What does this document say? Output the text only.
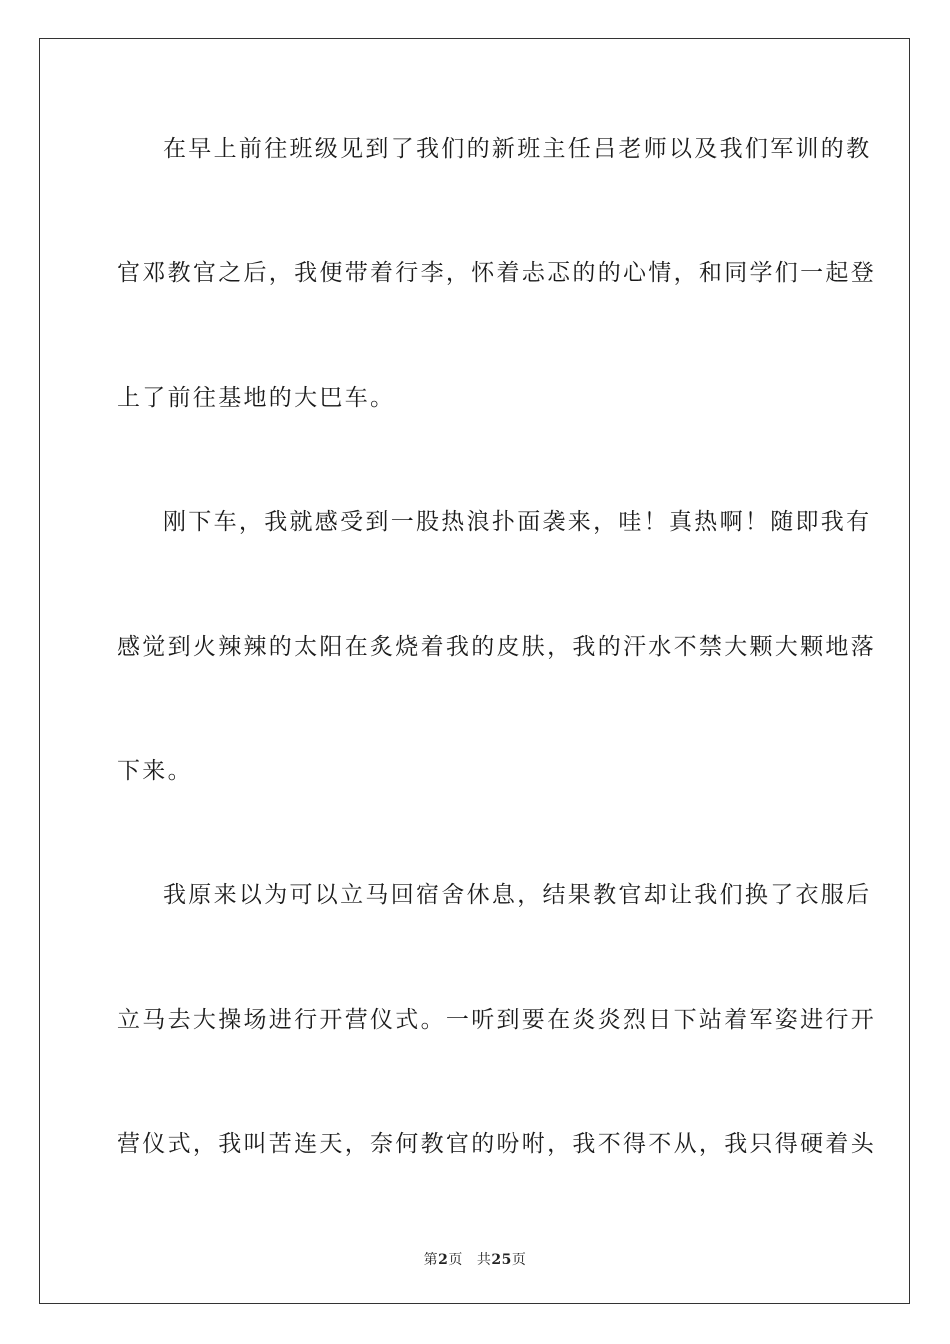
在早上前往班级见到了我们的新班主任吕老师以及我们军训的教
官邓教官之后，我便带着行李，怀着忐忑的的心情，和同学们一起登
上了前往基地的大巴车。
刚下车，我就感受到一股热浪扑面袭来，哇！真热啊！随即我有
感觉到火辣辣的太阳在炙烧着我的皮肤，我的汗水不禁大颗大颗地落
下来。
我原来以为可以立马回宿舍休息，结果教官却让我们换了衣服后
立马去大操场进行开营仪式。一听到要在炎炎烈日下站着军姿进行开
营仪式，我叫苦连天，奈何教官的吩咐，我不得不从，我只得硬着头
第2页 共25页
